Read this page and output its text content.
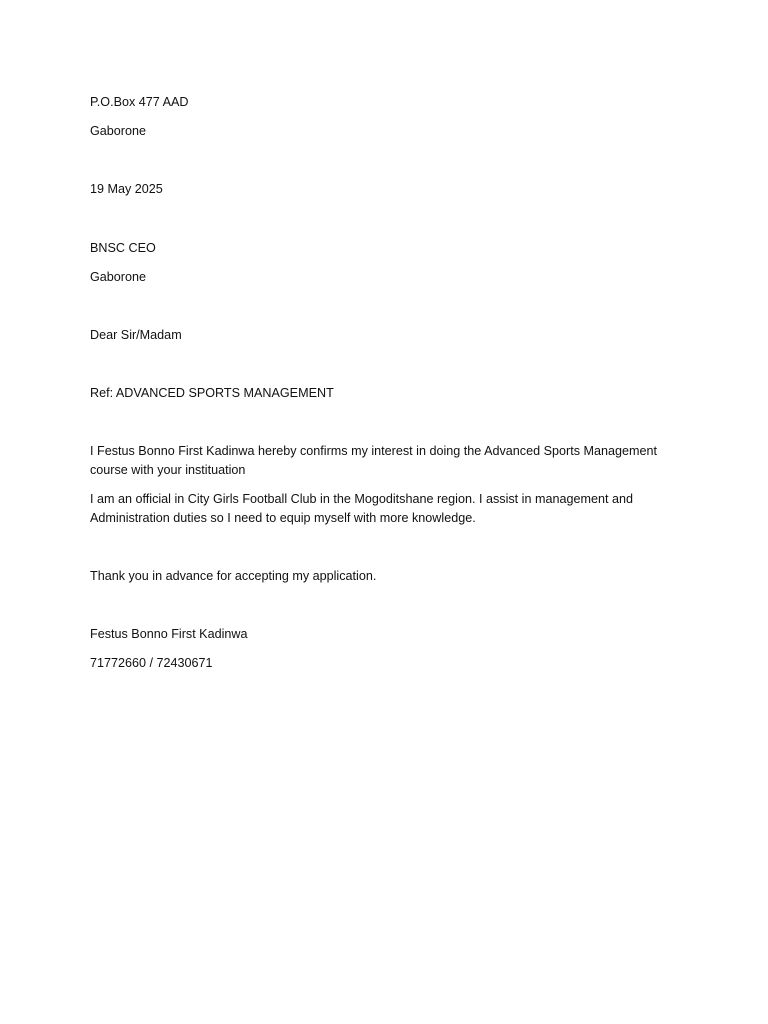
P.O.Box 477 AAD
Gaborone
19 May 2025
BNSC CEO
Gaborone
Dear Sir/Madam
Ref: ADVANCED SPORTS MANAGEMENT
I Festus Bonno First Kadinwa hereby confirms my interest in doing the Advanced Sports Management course with your instituation
I am an official in City Girls Football Club in the Mogoditshane region. I assist in management and Administration duties so I need to equip myself with more knowledge.
Thank you in advance for accepting my application.
Festus Bonno First Kadinwa
71772660 / 72430671
